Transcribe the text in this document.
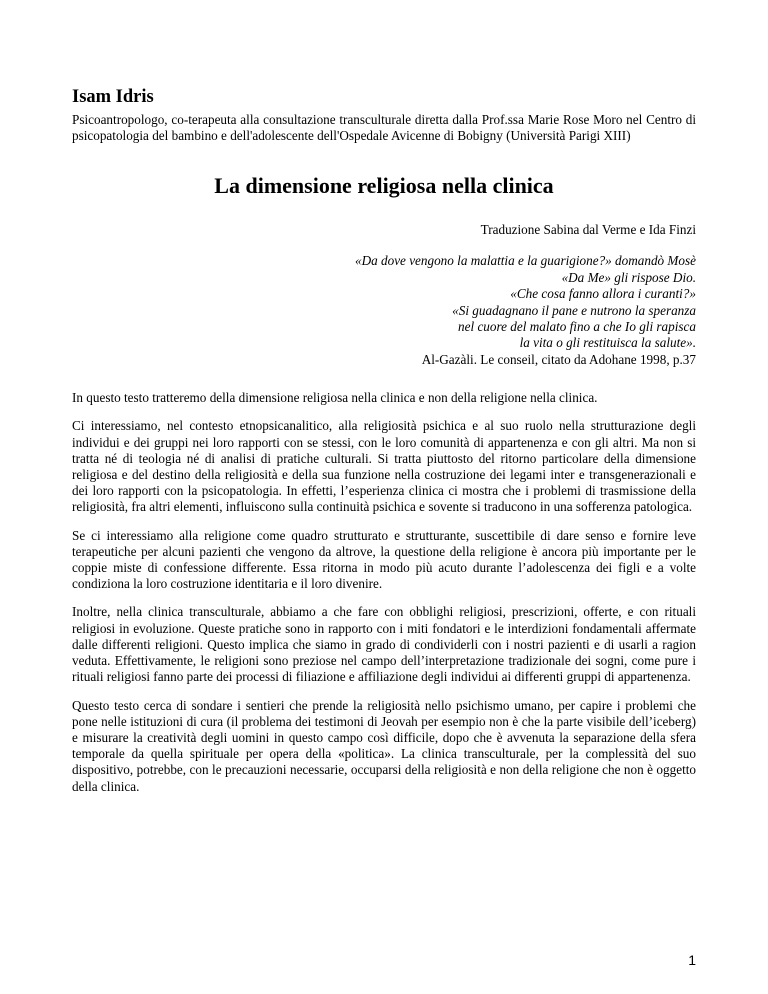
Isam Idris

Psicoantropologo, co-terapeuta alla consultazione transculturale diretta dalla Prof.ssa Marie Rose Moro nel Centro di psicopatologia del bambino e dell'adolescente dell'Ospedale Avicenne di Bobigny (Università Parigi XIII)

La dimensione religiosa nella clinica

Traduzione Sabina dal Verme e Ida Finzi

«Da dove vengono la malattia e la guarigione?» domandò Mosè
«Da Me» gli rispose Dio.
«Che cosa fanno allora i curanti?»
«Si guadagnano il pane e nutrono la speranza
nel cuore del malato fino a che Io gli rapisca
la vita o gli restituisca la salute».
Al-Gazàli. Le conseil, citato da Adohane 1998, p.37

In questo testo tratteremo della dimensione religiosa nella clinica e non della religione nella clinica.

Ci interessiamo, nel contesto etnopsicanalitico, alla religiosità psichica e al suo ruolo nella strutturazione degli individui e dei gruppi nei loro rapporti con se stessi, con le loro comunità di appartenenza e con gli altri. Ma non si tratta né di teologia né di analisi di pratiche culturali. Si tratta piuttosto del ritorno particolare della dimensione religiosa e del destino della religiosità e della sua funzione nella costruzione dei legami inter e transgenerazionali e dei loro rapporti con la psicopatologia. In effetti, l’esperienza clinica ci mostra che i problemi di trasmissione della religiosità, fra altri elementi, influiscono sulla continuità psichica e sovente si traducono in una sofferenza patologica.

Se ci interessiamo alla religione come quadro strutturato e strutturante, suscettibile di dare senso e fornire leve terapeutiche per alcuni pazienti che vengono da altrove, la questione della religione è ancora più importante per le coppie miste di confessione differente. Essa ritorna in modo più acuto durante l’adolescenza dei figli e a volte condiziona la loro costruzione identitaria e il loro divenire.

Inoltre, nella clinica transculturale, abbiamo a che fare con obblighi religiosi, prescrizioni, offerte, e con rituali religiosi in evoluzione. Queste pratiche sono in rapporto con i miti fondatori e le interdizioni fondamentali affermate dalle differenti religioni. Questo implica che siamo in grado di condividerli con i nostri pazienti e di usarli a ragion veduta. Effettivamente, le religioni sono preziose nel campo dell’interpretazione tradizionale dei sogni, come pure i rituali religiosi fanno parte dei processi di filiazione e affiliazione degli individui ai differenti gruppi di appartenenza.

Questo testo cerca di sondare i sentieri che prende la religiosità nello psichismo umano, per capire i problemi che pone nelle istituzioni di cura (il problema dei testimoni di Jeovah per esempio non è che la parte visibile dell’iceberg) e misurare la creatività degli uomini in questo campo così difficile, dopo che è avvenuta la separazione della sfera temporale da quella spirituale per opera della «politica». La clinica transculturale, per la complessità del suo dispositivo, potrebbe, con le precauzioni necessarie, occuparsi della religiosità e non della religione che non è oggetto della clinica.

1
